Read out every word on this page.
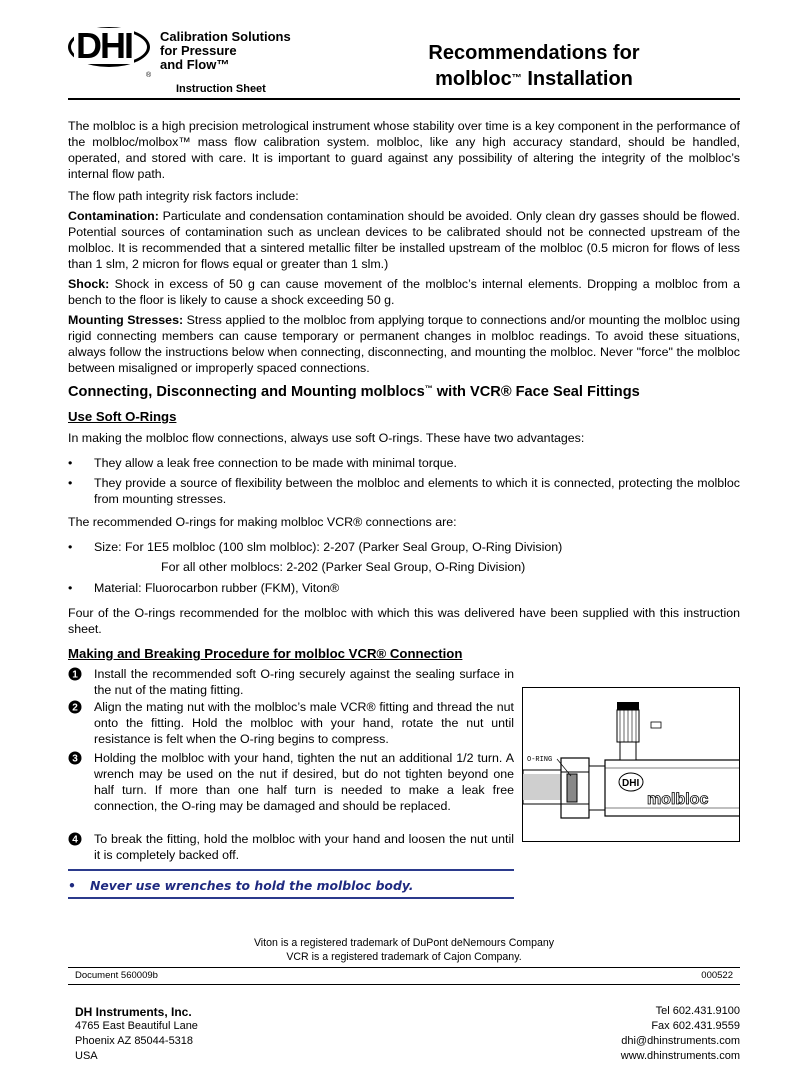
DHI
®
Calibration Solutions
for Pressure
and Flow™
Instruction Sheet
Recommendations for
molbloc™ Installation
The molbloc is a high precision metrological instrument whose stability over time is a key component in the performance of the molbloc/molbox™ mass flow calibration system. molbloc, like any high accuracy standard, should be handled, operated, and stored with care. It is important to guard against any possibility of altering the integrity of the molbloc’s internal flow path.
The flow path integrity risk factors include:
Contamination: Particulate and condensation contamination should be avoided. Only clean dry gasses should be flowed. Potential sources of contamination such as unclean devices to be calibrated should not be connected upstream of the molbloc. It is recommended that a sintered metallic filter be installed upstream of the molbloc (0.5 micron for flows of less than 1 slm, 2 micron for flows equal or greater than 1 slm.)
Shock: Shock in excess of 50 g can cause movement of the molbloc’s internal elements. Dropping a molbloc from a bench to the floor is likely to cause a shock exceeding 50 g.
Mounting Stresses: Stress applied to the molbloc from applying torque to connections and/or mounting the molbloc using rigid connecting members can cause temporary or permanent changes in molbloc readings. To avoid these situations, always follow the instructions below when connecting, disconnecting, and mounting the molbloc. Never "force" the molbloc between misaligned or improperly spaced connections.
Connecting, Disconnecting and Mounting molblocs™ with VCR® Face Seal Fittings
Use Soft O-Rings
In making the molbloc flow connections, always use soft O-rings. These have two advantages:
• They allow a leak free connection to be made with minimal torque.
• They provide a source of flexibility between the molbloc and elements to which it is connected, protecting the molbloc from mounting stresses.
The recommended O-rings for making molbloc VCR® connections are:
• Size: For 1E5 molbloc (100 slm molbloc): 2-207 (Parker Seal Group, O-Ring Division)
For all other molblocs: 2-202 (Parker Seal Group, O-Ring Division)
• Material: Fluorocarbon rubber (FKM), Viton®
Four of the O-rings recommended for the molbloc with which this was delivered have been supplied with this instruction sheet.
Making and Breaking Procedure for molbloc VCR® Connection
1 Install the recommended soft O-ring securely against the sealing surface in the nut of the mating fitting.
2 Align the mating nut with the molbloc’s male VCR® fitting and thread the nut onto the fitting. Hold the molbloc with your hand, rotate the nut until resistance is felt when the O-ring begins to compress.
3 Holding the molbloc with your hand, tighten the nut an additional 1/2 turn. A wrench may be used on the nut if desired, but do not tighten beyond one half turn. If more than one half turn is needed to make a leak free connection, the O-ring may be damaged and should be replaced.
4 To break the fitting, hold the molbloc with your hand and loosen the nut until it is completely backed off.
• Never use wrenches to hold the molbloc body.
O-RING
DHI
molbloc
Viton is a registered trademark of DuPont deNemours Company
VCR is a registered trademark of Cajon Company.
Document 560009b	000522
DH Instruments, Inc.
4765 East Beautiful Lane
Phoenix AZ 85044-5318
USA
Tel 602.431.9100
Fax 602.431.9559
dhi@dhinstruments.com
www.dhinstruments.com
